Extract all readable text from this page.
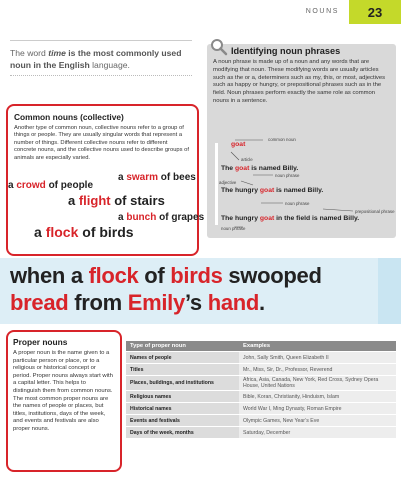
NOUNS	23
The word time is the most commonly used noun in the English language.
Common nouns (collective)

Another type of common noun, collective nouns refer to a group of things or people. They are usually singular words that represent a number of things. Different collective nouns refer to different concrete nouns, and the collective nouns used to describe groups of animals are especially varied.

a swarm of bees
a crowd of people
a flight of stairs
a bunch of grapes
a flock of birds
Identifying noun phrases
A noun phrase is made up of a noun and any words that are modifying that noun. These modifying words are usually articles such as the or a, determiners such as my, this, or most, adjectives such as happy or hungry, or prepositional phrases such as in the field. Noun phrases perform exactly the same role as common nouns in a sentence.
common noun
goat
article
The goat is named Billy.
noun phrase
adjective
The hungry goat is named Billy.
noun phrase
prepositional phrase
The hungry goat in the field is named Billy.
noun phrase
when a flock of birds swooped bread from Emily’s hand.
Proper nouns

A proper noun is the name given to a particular person or place, or to a religious or historical concept or period. Proper nouns always start with a capital letter. This helps to distinguish them from common nouns. The most common proper nouns are the names of people or places, but titles, institutions, days of the week, and events and festivals are also proper nouns.

Type of proper noun	Examples
Names of people	John, Sally Smith, Queen Elizabeth II
Titles	Mr., Miss, Sir, Dr., Professor, Reverend
Places, buildings, and institutions	Africa, Asia, Canada, New York, Red Cross, Sydney Opera House, United Nations
Religious names	Bible, Koran, Christianity, Hinduism, Islam
Historical names	World War I, Ming Dynasty, Roman Empire
Events and festivals	Olympic Games, New Year’s Eve
Days of the week, months	Saturday, December
